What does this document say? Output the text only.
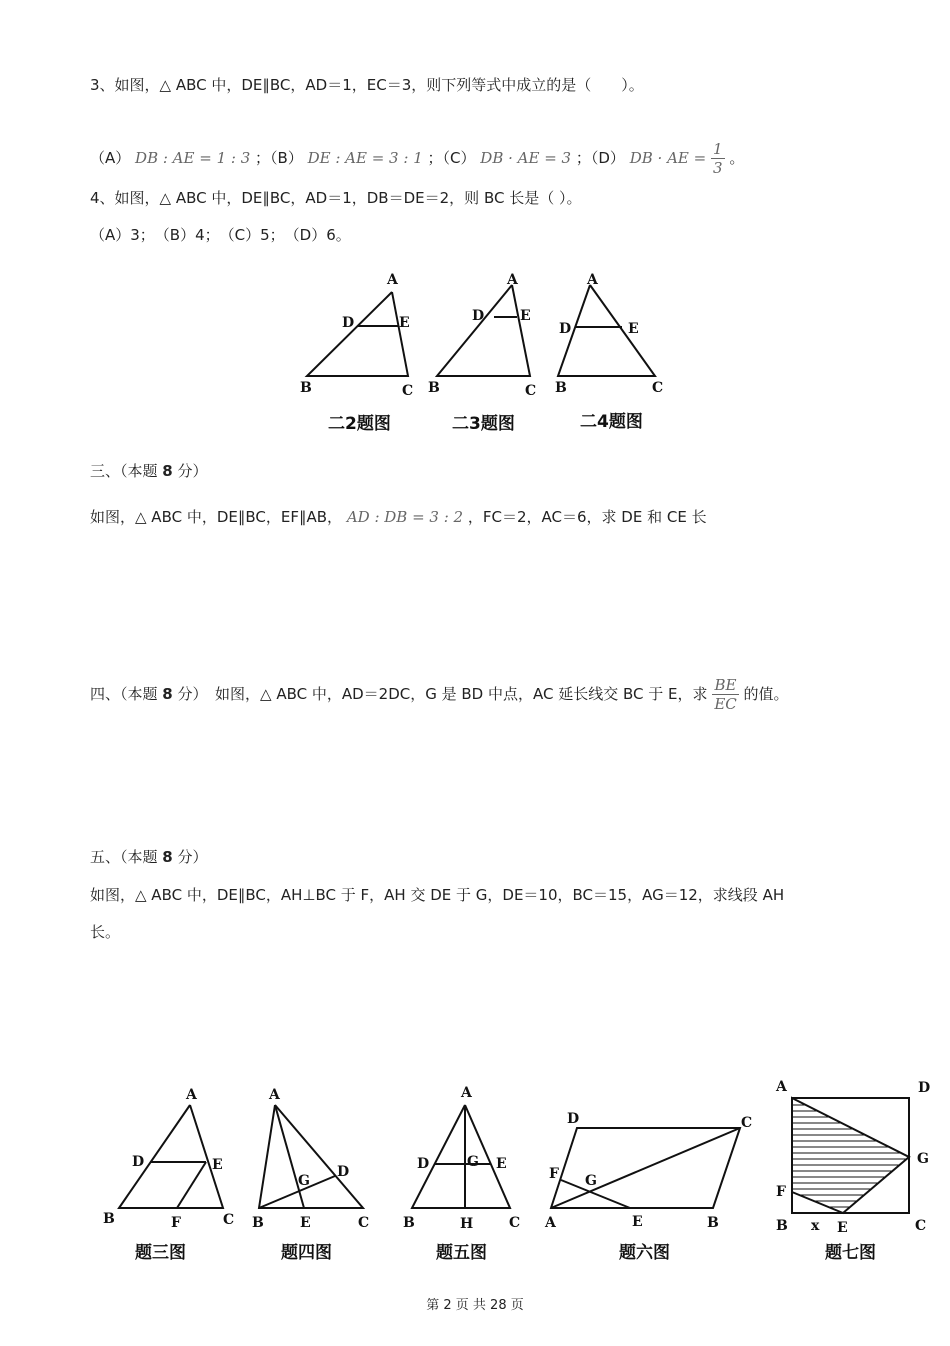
3、如图，△ ABC 中，DE∥BC，AD＝1，EC＝3，则下列等式中成立的是（　　）。
（A） DB : AE = 1 : 3 ；（B） DE : AE = 3 : 1 ；（C） DB · AE = 3 ；（D） DB · AE = $\frac{1}{3}$ 。
4、如图，△ ABC 中，DE∥BC，AD＝1，DB＝DE＝2，则 BC 长是（ ）。
（A）3；　（B）4；　（C）5；　（D）6。
A
D	E
B	C
A
D	E
B	C
A
D	E
B	C
二2题图	二3题图	二4题图
三、（本题 8 分）
如图，△ ABC 中，DE∥BC，EF∥AB， AD : DB = 3 : 2 ，FC＝2，AC＝6，求 DE 和 CE 长
四、（本题 8 分）　如图，△ ABC 中，AD＝2DC，G 是 BD 中点，AC 延长线交 BC 于 E，求 $\frac{BE}{EC}$ 的值。
五、（本题 8 分）
如图，△ ABC 中，DE∥BC，AH⊥BC 于 F，AH 交 DE 于 G，DE＝10，BC＝15，AG＝12，求线段 AH
长。
A
D	E
B	F	C
A
D
G
B	E	C
A
D	G E
B	H	C
D	C
F G
A	E	B
A	D
G
F
B x E	C
题三图	题四图	题五图	题六图	题七图
第 2 页 共 28 页
